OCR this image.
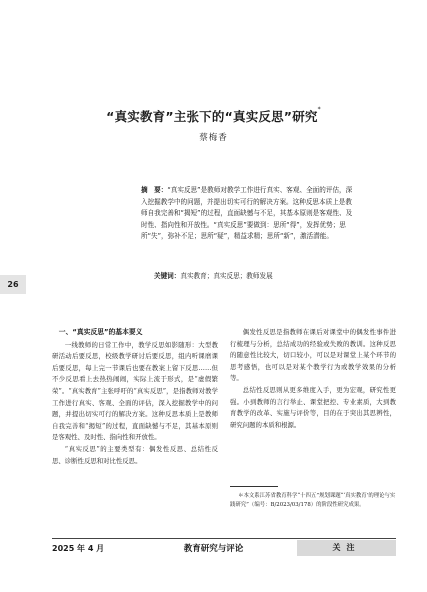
“真实教育”主张下的“真实反思”研究*
蔡梅香
摘　要：“真实反思”是教师对教学工作进行真实、客观、全面的评估，深入挖掘教学中的问题，并提出切实可行的解决方案。这种反思本质上是教师自我完善和“揭短”的过程，直面缺憾与不足，其基本原则是客观性、及时性、指向性和开放性。“真实反思”要做到：思所“得”，发挥优势；思所“失”，弥补不足；思所“疑”，精益求精；思所“新”，激活潜能。
关键词：真实教育；真实反思；教师发展
26
一、“真实反思”的基本要义

一线教师的日常工作中，教学反思如影随形：大型教研活动后要反思，校级教学研讨后要反思，组内听课磨课后要反思，每上完一节课后也要在教案上留下反思……但不少反思看上去热热闹闹，实际上流于形式，是“虚假繁荣”。“真实教育”主张呼吁的“真实反思”，是指教师对教学工作进行真实、客观、全面的评估，深入挖掘教学中的问题，并提出切实可行的解决方案。这种反思本质上是教师自我完善和“揭短”的过程，直面缺憾与不足，其基本原则是客观性、及时性、指向性和开放性。

“真实反思”的主要类型有：偶发性反思、总结性反思、诊断性反思和对比性反思。

偶发性反思是指教师在课后对课堂中的偶发性事件进行梳理与分析，总结成功的经验或失败的教训。这种反思的随意性比较大，切口较小，可以是对课堂上某个环节的思考感悟，也可以是对某个教学行为或教学效果的分析等。

总结性反思则从更多维度入手，更为宏观，研究性更强。小到教师的言行举止、课堂把控、专业素质，大到教育教学的改革、实施与评价等，目的在于突出其思辨性，研究问题的本质和根源。

＊本文系江苏省教育科学“十四五”规划课题“‘真实教育’的理论与实践研究”（编号：B/2023/03/178）的阶段性研究成果。
2025 年 4 月	教育研究与评论	关注
